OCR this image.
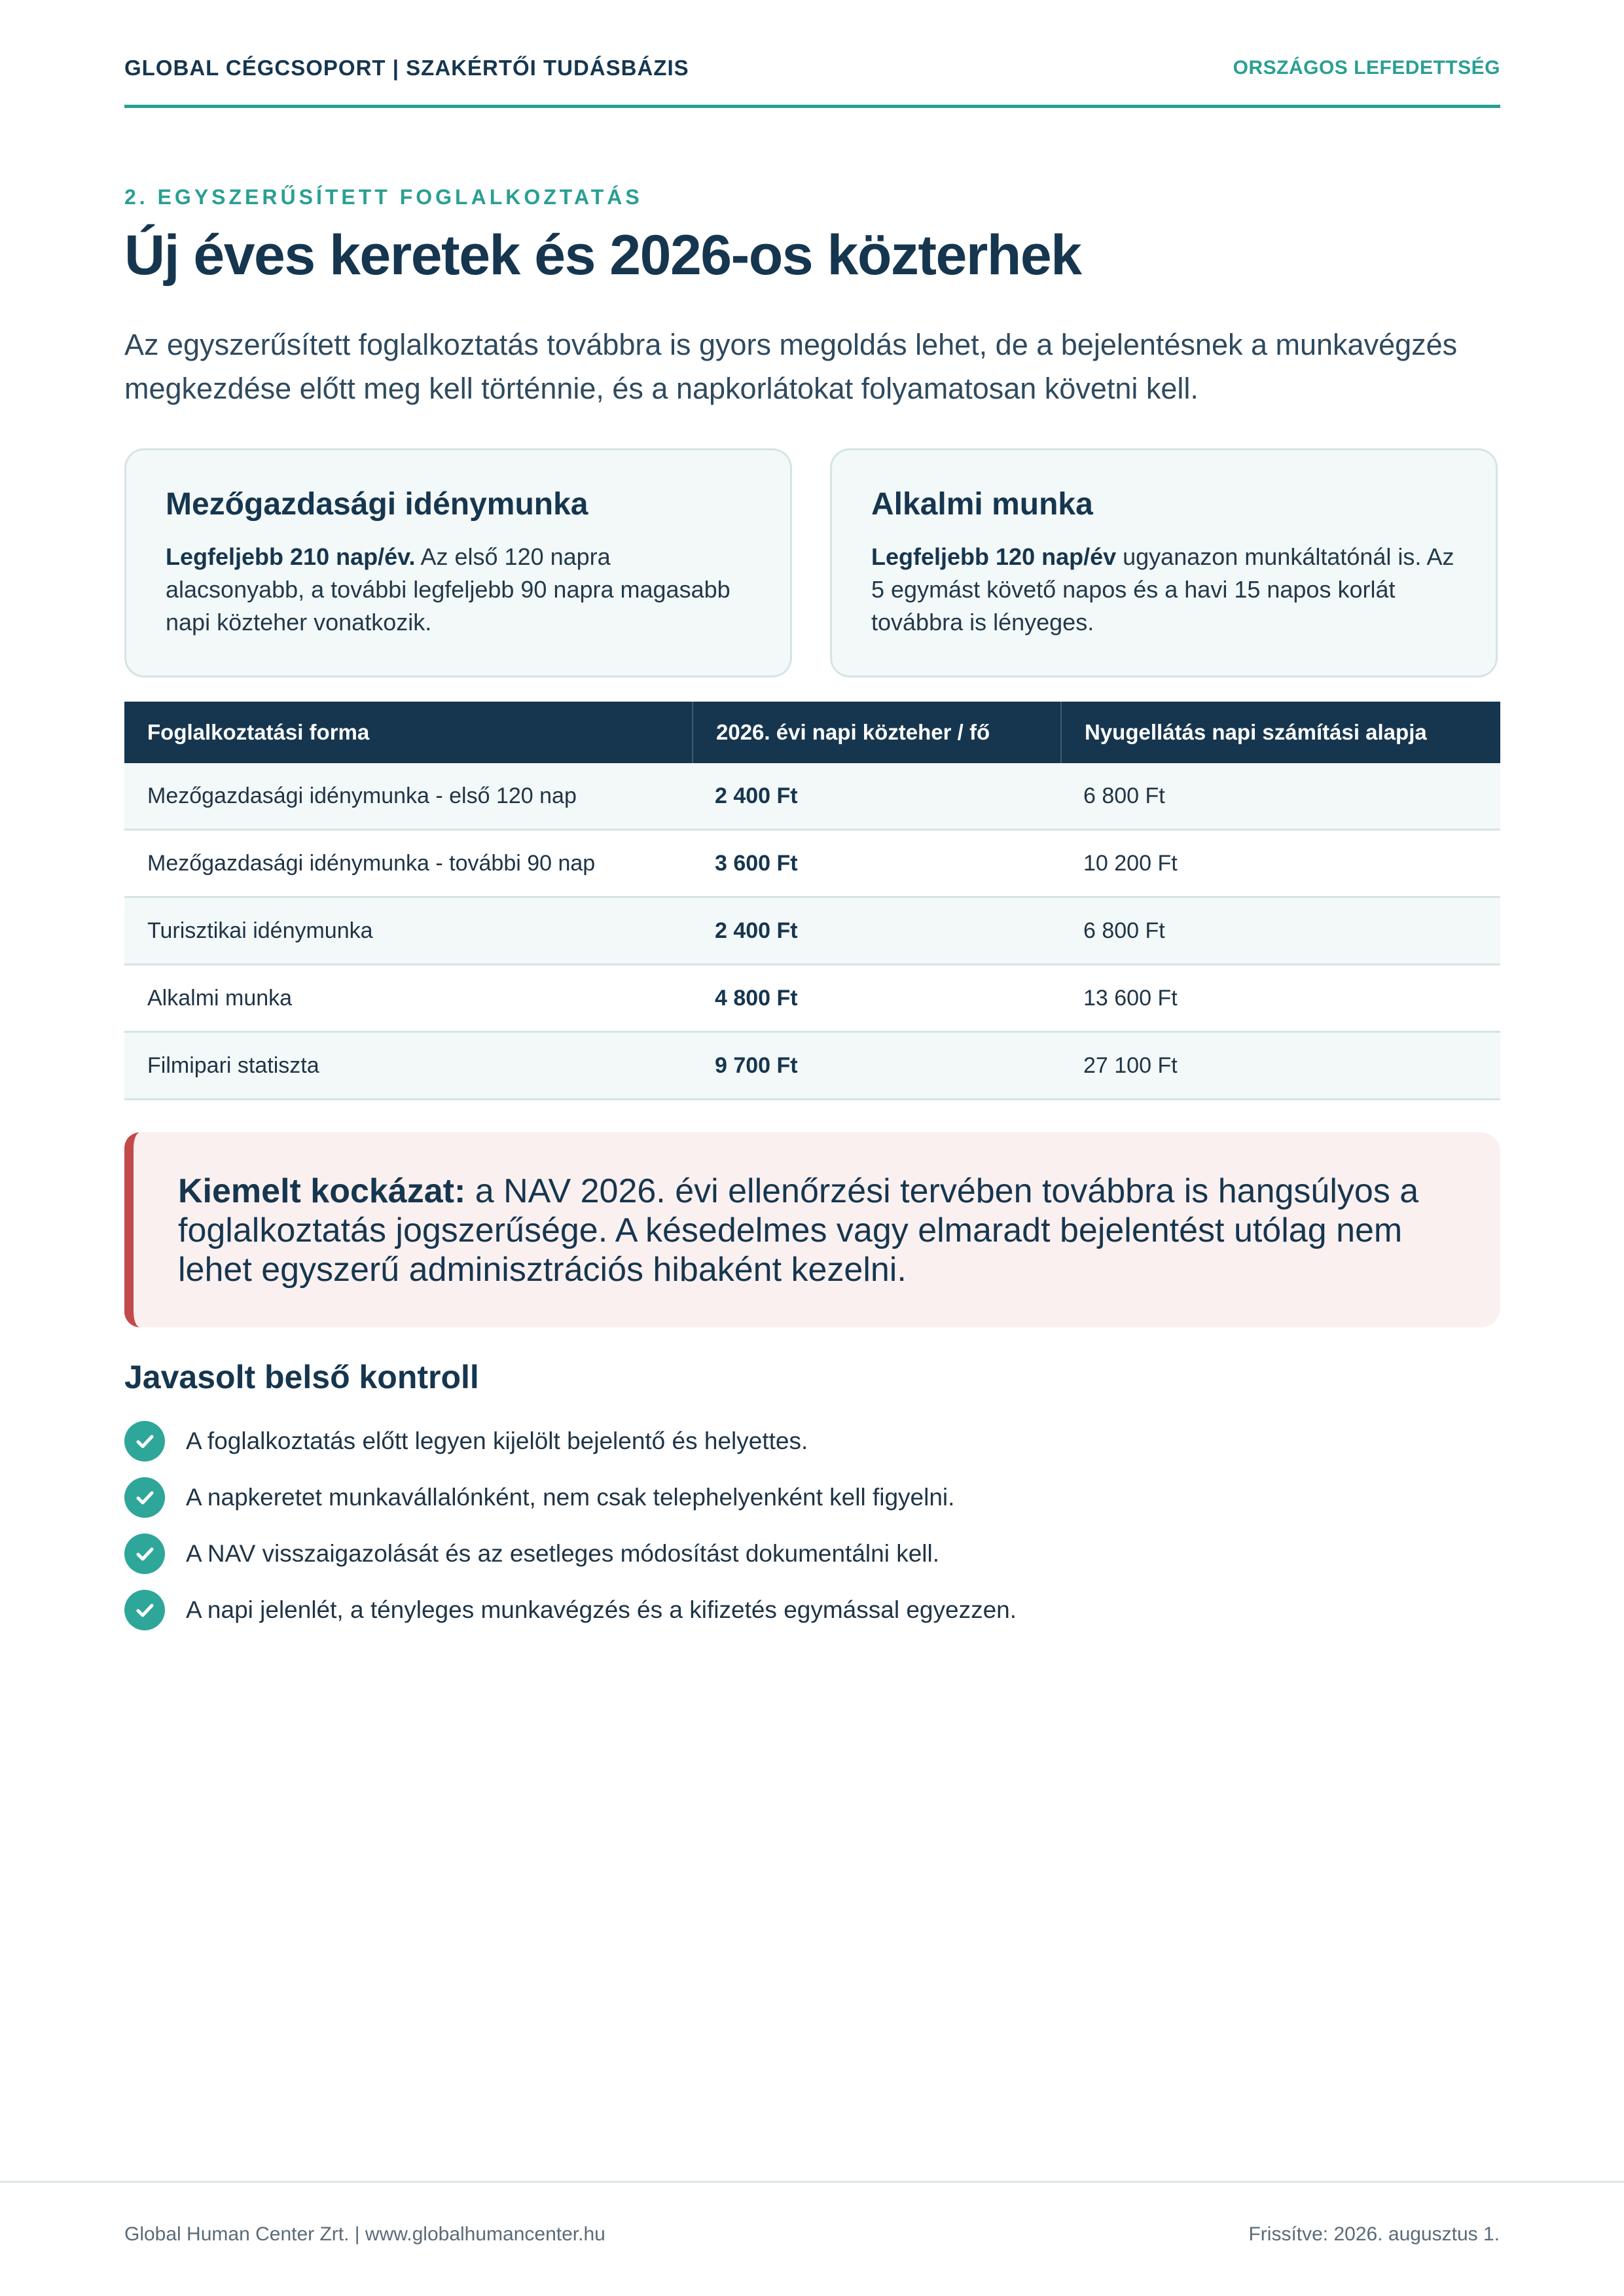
GLOBAL CÉGCSOPORT | SZAKÉRTŐI TUDÁSBÁZIS	ORSZÁGOS LEFEDETTSÉG
2. EGYSZERŰSÍTETT FOGLALKOZTATÁS
Új éves keretek és 2026-os közterhek

Az egyszerűsített foglalkoztatás továbbra is gyors megoldás lehet, de a bejelentésnek a munkavégzés megkezdése előtt meg kell történnie, és a napkorlátokat folyamatosan követni kell.

Mezőgazdasági idénymunka
Legfeljebb 210 nap/év. Az első 120 napra alacsonyabb, a további legfeljebb 90 napra magasabb napi közteher vonatkozik.
Alkalmi munka
Legfeljebb 120 nap/év ugyanazon munkáltatónál is. Az 5 egymást követő napos és a havi 15 napos korlát továbbra is lényeges.
Foglalkoztatási forma	2026. évi napi közteher / fő	Nyugellátás napi számítási alapja
Mezőgazdasági idénymunka - első 120 nap	2 400 Ft	6 800 Ft
Mezőgazdasági idénymunka - további 90 nap	3 600 Ft	10 200 Ft
Turisztikai idénymunka	2 400 Ft	6 800 Ft
Alkalmi munka	4 800 Ft	13 600 Ft
Filmipari statiszta	9 700 Ft	27 100 Ft
Kiemelt kockázat: a NAV 2026. évi ellenőrzési tervében továbbra is hangsúlyos a foglalkoztatás jogszerűsége. A késedelmes vagy elmaradt bejelentést utólag nem lehet egyszerű adminisztrációs hibaként kezelni.
Javasolt belső kontroll
A foglalkoztatás előtt legyen kijelölt bejelentő és helyettes.
A napkeretet munkavállalónként, nem csak telephelyenként kell figyelni.
A NAV visszaigazolását és az esetleges módosítást dokumentálni kell.
A napi jelenlét, a tényleges munkavégzés és a kifizetés egymással egyezzen.
Global Human Center Zrt. | www.globalhumancenter.hu	Frissítve: 2026. augusztus 1.
